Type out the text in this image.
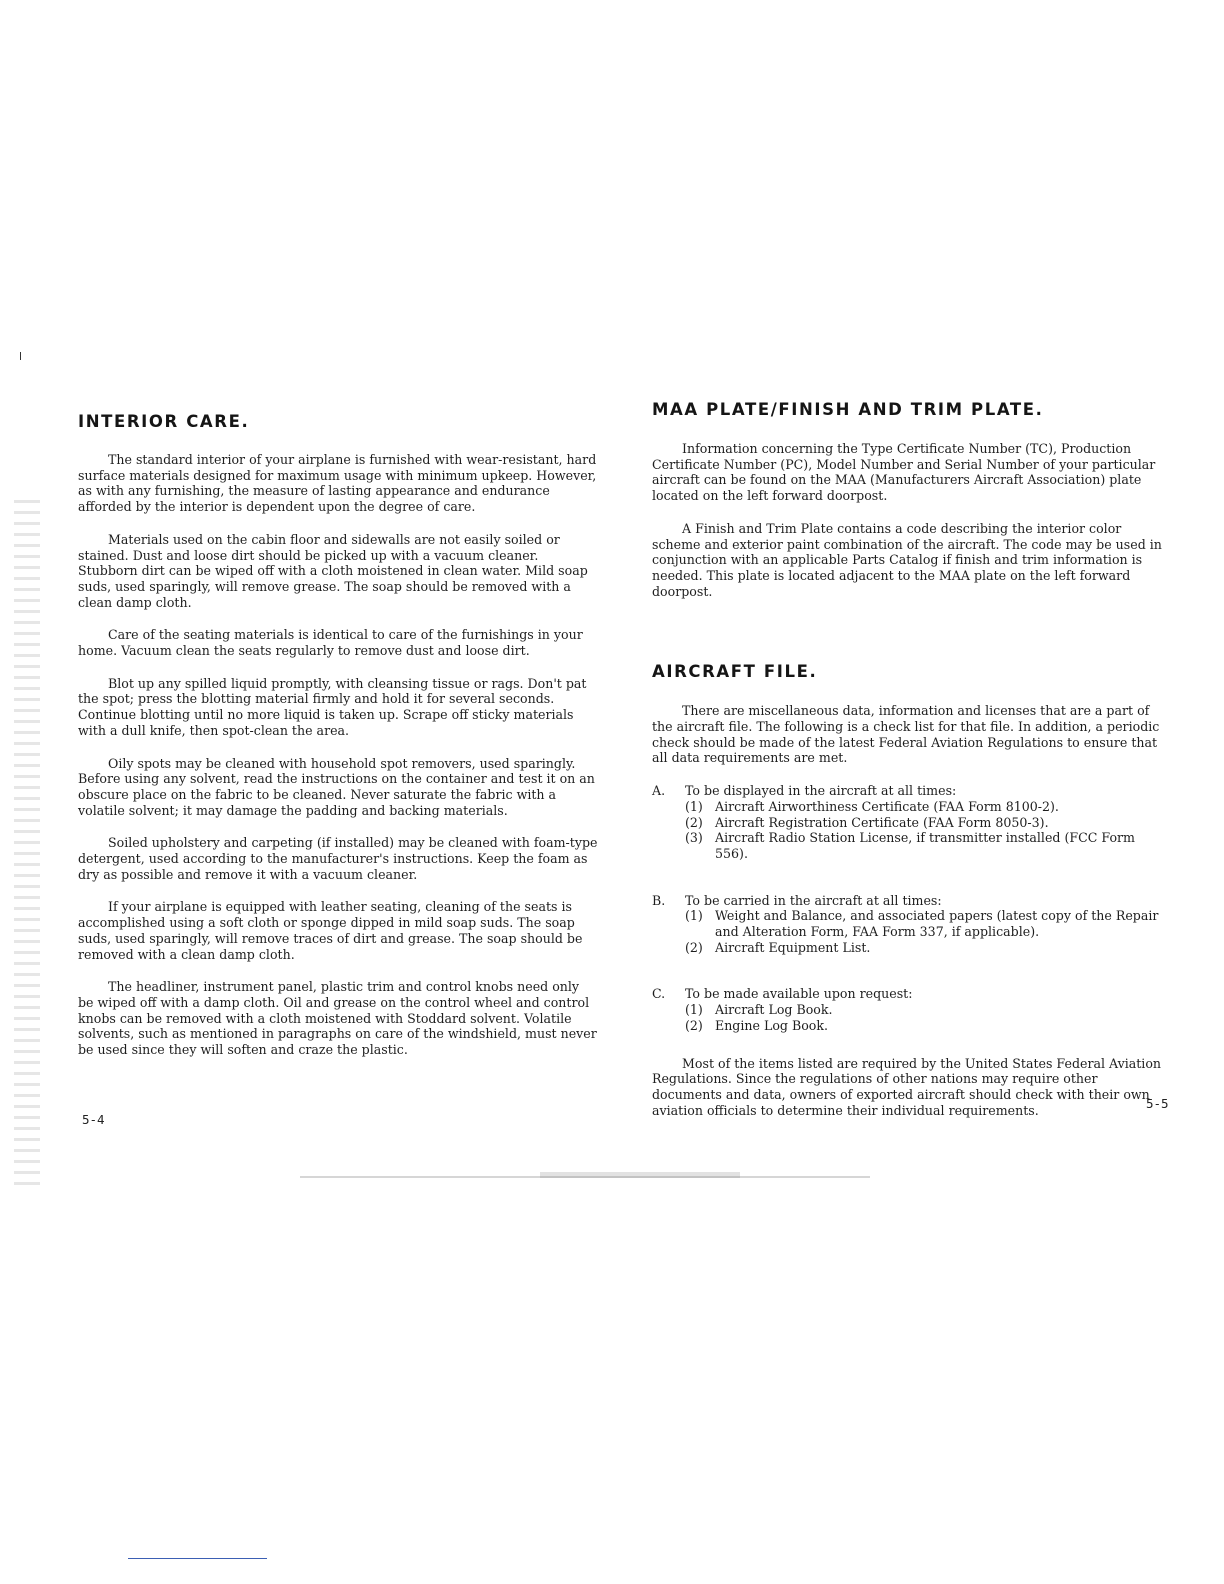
INTERIOR CARE.

The standard interior of your airplane is furnished with wear-resistant, hard surface materials designed for maximum usage with minimum upkeep. However, as with any furnishing, the measure of lasting appearance and endurance afforded by the interior is dependent upon the degree of care.

Materials used on the cabin floor and sidewalls are not easily soiled or stained. Dust and loose dirt should be picked up with a vacuum cleaner. Stubborn dirt can be wiped off with a cloth moistened in clean water. Mild soap suds, used sparingly, will remove grease. The soap should be removed with a clean damp cloth.

Care of the seating materials is identical to care of the furnishings in your home. Vacuum clean the seats regularly to remove dust and loose dirt.

Blot up any spilled liquid promptly, with cleansing tissue or rags. Don't pat the spot; press the blotting material firmly and hold it for several seconds. Continue blotting until no more liquid is taken up. Scrape off sticky materials with a dull knife, then spot-clean the area.

Oily spots may be cleaned with household spot removers, used sparingly. Before using any solvent, read the instructions on the container and test it on an obscure place on the fabric to be cleaned. Never saturate the fabric with a volatile solvent; it may damage the padding and backing materials.

Soiled upholstery and carpeting (if installed) may be cleaned with foam-type detergent, used according to the manufacturer's instructions. Keep the foam as dry as possible and remove it with a vacuum cleaner.

If your airplane is equipped with leather seating, cleaning of the seats is accomplished using a soft cloth or sponge dipped in mild soap suds. The soap suds, used sparingly, will remove traces of dirt and grease. The soap should be removed with a clean damp cloth.

The headliner, instrument panel, plastic trim and control knobs need only be wiped off with a damp cloth. Oil and grease on the control wheel and control knobs can be removed with a cloth moistened with Stoddard solvent. Volatile solvents, such as mentioned in paragraphs on care of the windshield, must never be used since they will soften and craze the plastic.

5-4
MAA PLATE/FINISH AND TRIM PLATE.

Information concerning the Type Certificate Number (TC), Production Certificate Number (PC), Model Number and Serial Number of your particular aircraft can be found on the MAA (Manufacturers Aircraft Association) plate located on the left forward doorpost.

A Finish and Trim Plate contains a code describing the interior color scheme and exterior paint combination of the aircraft. The code may be used in conjunction with an applicable Parts Catalog if finish and trim information is needed. This plate is located adjacent to the MAA plate on the left forward doorpost.

AIRCRAFT FILE.

There are miscellaneous data, information and licenses that are a part of the aircraft file. The following is a check list for that file. In addition, a periodic check should be made of the latest Federal Aviation Regulations to ensure that all data requirements are met.

A.	To be displayed in the aircraft at all times:
(1) Aircraft Airworthiness Certificate (FAA Form 8100-2).
(2) Aircraft Registration Certificate (FAA Form 8050-3).
(3) Aircraft Radio Station License, if transmitter installed (FCC Form 556).
B.	To be carried in the aircraft at all times:
(1) Weight and Balance, and associated papers (latest copy of the Repair and Alteration Form, FAA Form 337, if applicable).
(2) Aircraft Equipment List.
C.	To be made available upon request:
(1) Aircraft Log Book.
(2) Engine Log Book.

Most of the items listed are required by the United States Federal Aviation Regulations. Since the regulations of other nations may require other documents and data, owners of exported aircraft should check with their own aviation officials to determine their individual requirements.	5-5
